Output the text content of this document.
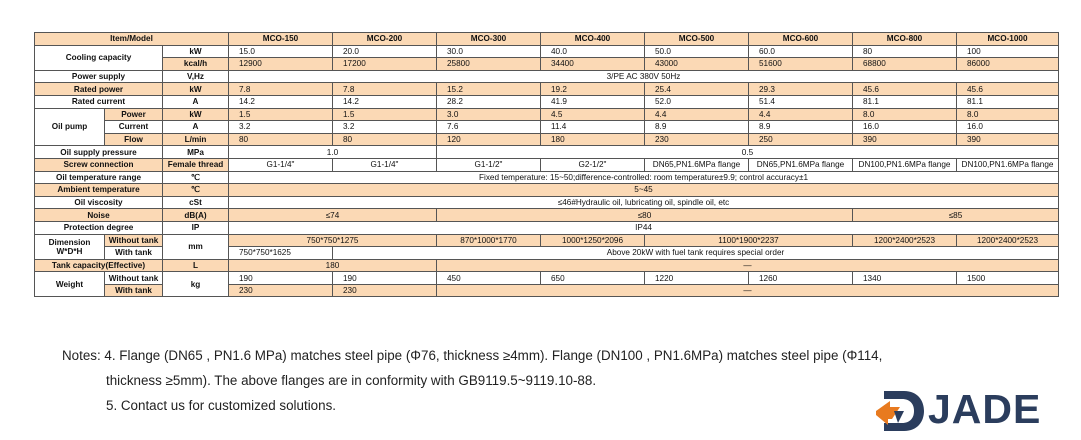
Item/Model			MCO-150	MCO-200	MCO-300	MCO-400	MCO-500	MCO-600	MCO-800	MCO-1000
Cooling capacity		kW	15.0	20.0	30.0	40.0	50.0	60.0	80	100
		kcal/h	12900	17200	25800	34400	43000	51600	68800	86000
Power supply		V,Hz	3/PE AC 380V 50Hz							
Rated power		kW	7.8	7.8	15.2	19.2	25.4	29.3	45.6	45.6
Rated current		A	14.2	14.2	28.2	41.9	52.0	51.4	81.1	81.1
Oil pump	Power	kW	1.5	1.5	3.0	4.5	4.4	4.4	8.0	8.0
	Current	A	3.2	3.2	7.6	11.4	8.9	8.9	16.0	16.0
	Flow	L/min	80	80	120	180	230	250	390	390
Oil supply pressure		MPa	1.0		0.5					
Screw connection		Female thread	G1-1/4"	G1-1/4"	G1-1/2"	G2-1/2"	DN65,PN1.6MPa flange	DN65,PN1.6MPa flange	DN100,PN1.6MPa flange	DN100,PN1.6MPa flange
Oil temperature range		℃	Fixed temperature: 15~50;difference-controlled: room temperature±9.9; control accuracy±1							
Ambient temperature		℃	5~45							
Oil viscosity		cSt	≤46#Hydraulic oil, lubricating oil, spindle oil, etc							
Noise		dB(A)	≤74		≤80				≤85	
Protection degree		IP	IP44							
Dimension
W*D*H	Without tank	mm	750*750*1275		870*1000*1770	1000*1250*2096	1100*1900*2237		1200*2400*2523	1200*2400*2523
	With tank		750*750*1625	Above 20kW with fuel tank requires special order						
Tank capacity(Effective)		L	180		—					
Weight	Without tank	kg	190	190	450	650	1220	1260	1340	1500
	With tank		230	230	—					
Notes: 4. Flange (DN65 , PN1.6 MPa) matches steel pipe (Φ76, thickness ≥4mm). Flange (DN100 , PN1.6MPa) matches steel pipe (Φ114,
thickness ≥5mm). The above flanges are in conformity with GB9119.5~9119.10-88.
5. Contact us for customized solutions.	JADE
